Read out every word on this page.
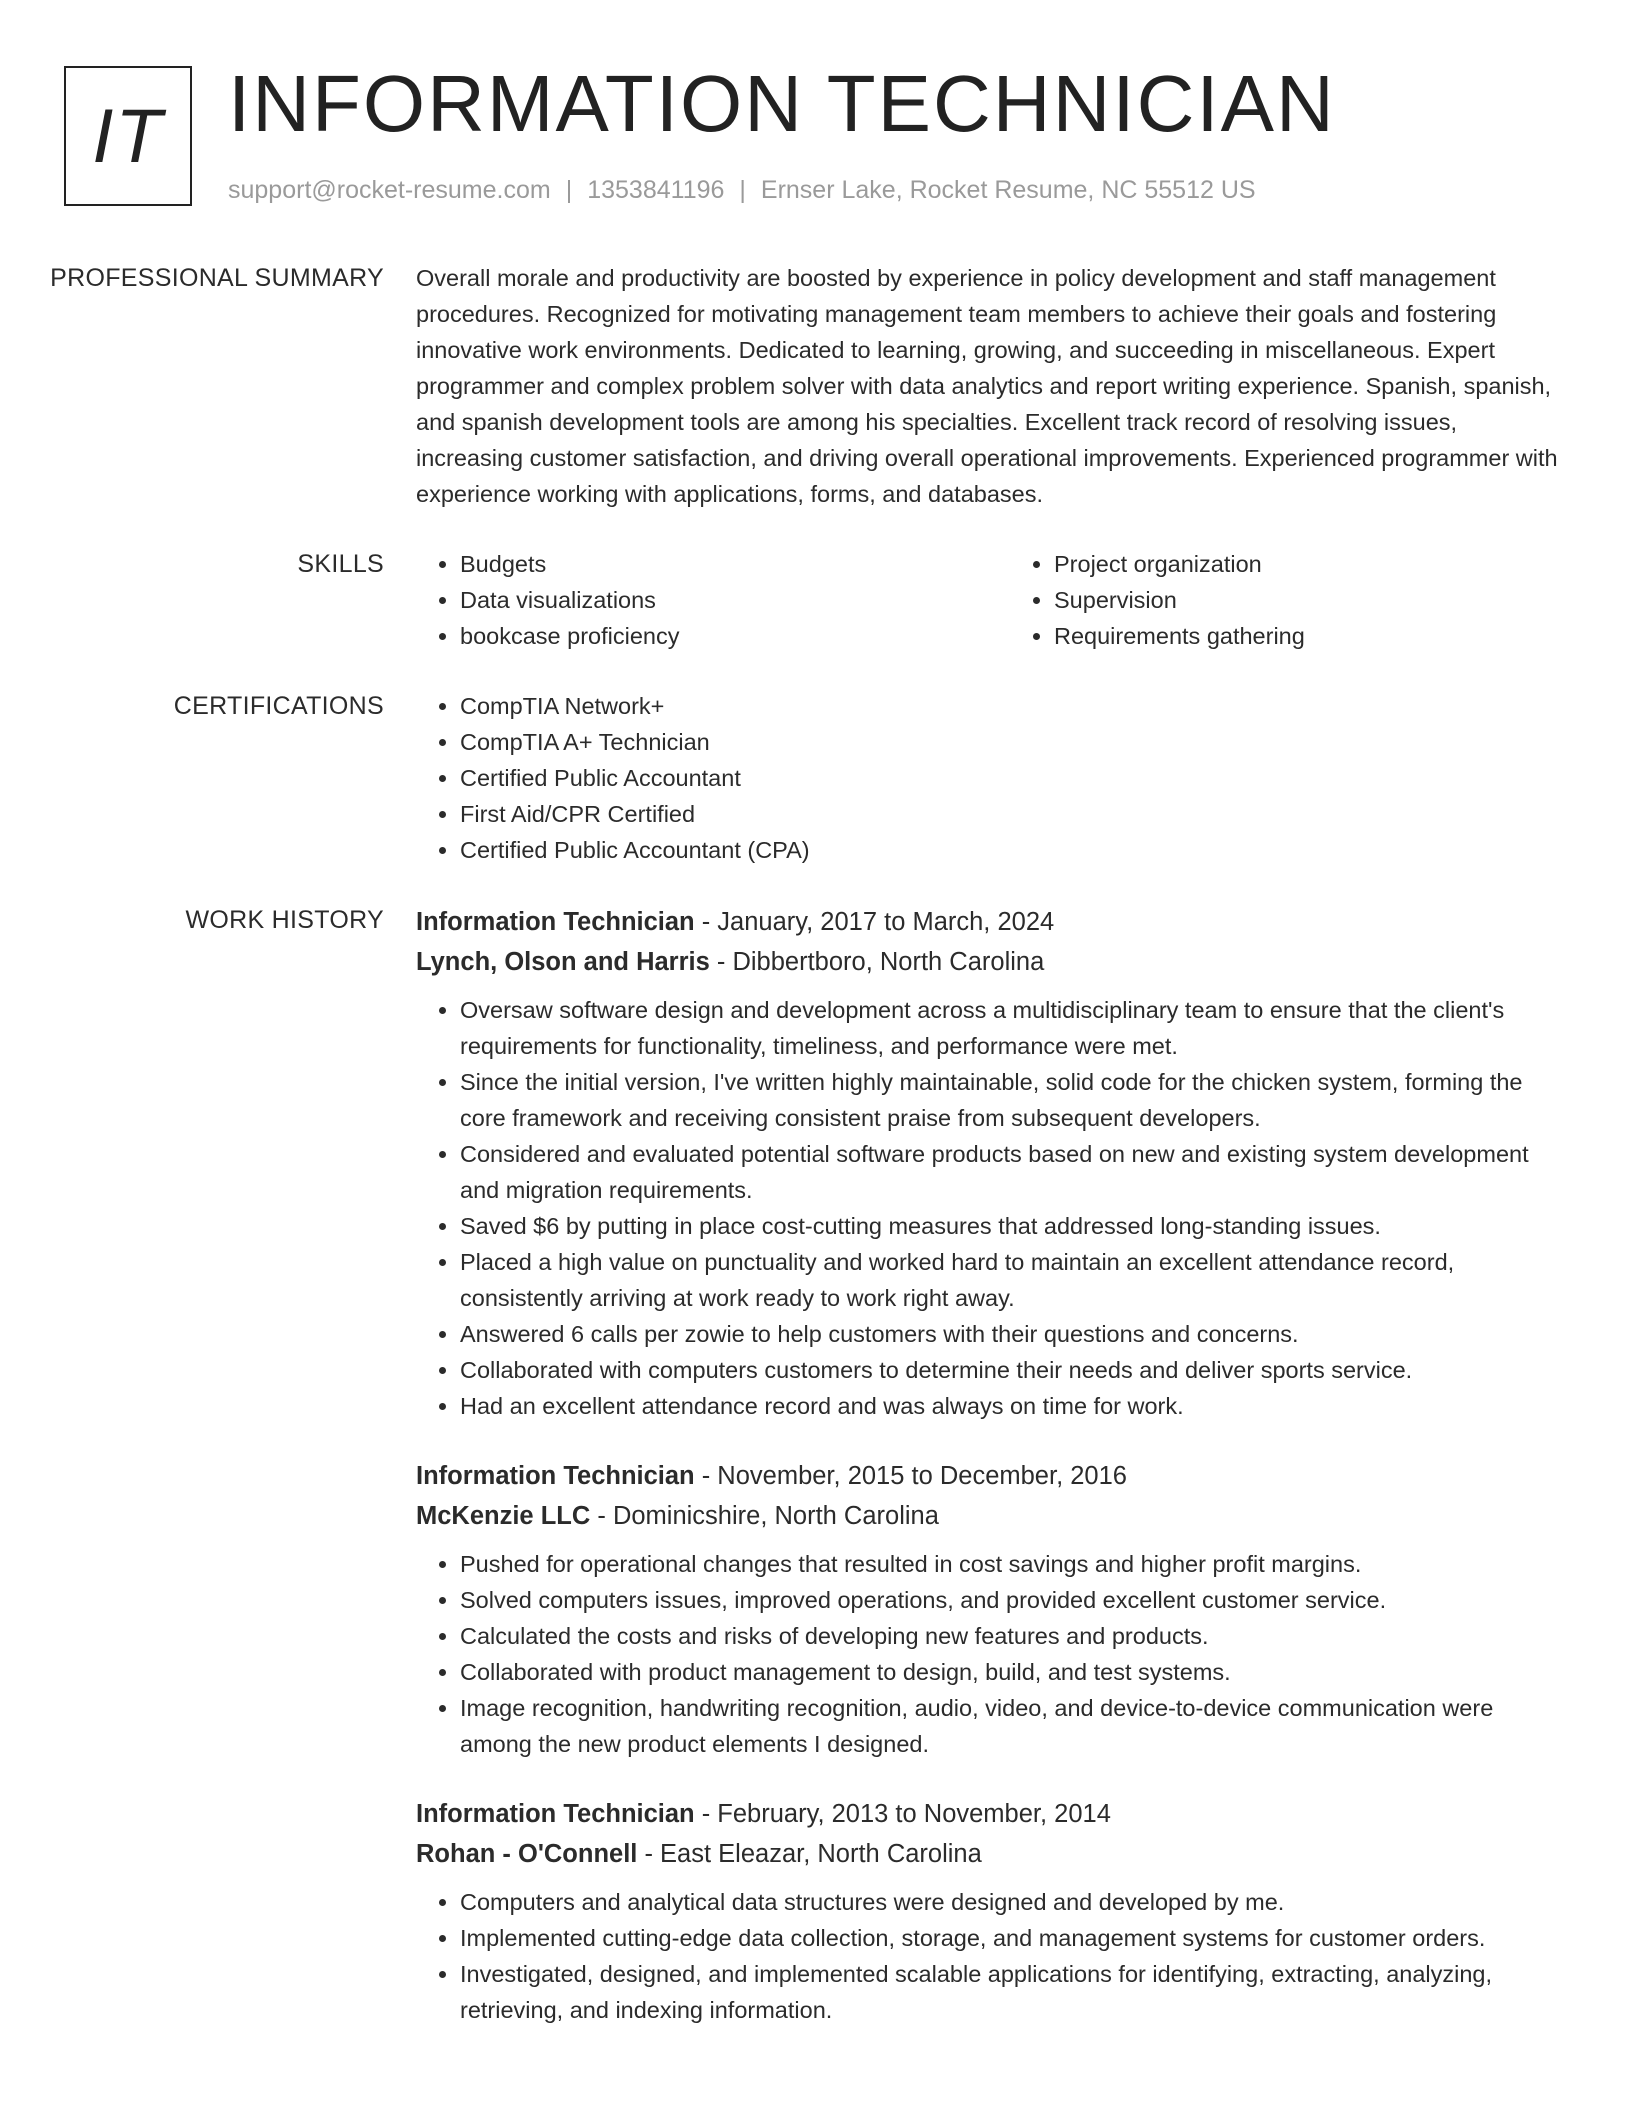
IT INFORMATION TECHNICIAN
support@rocket-resume.com | 1353841196 | Ernser Lake, Rocket Resume, NC 55512 US
PROFESSIONAL SUMMARY	Overall morale and productivity are boosted by experience in policy development and staff management procedures. Recognized for motivating management team members to achieve their goals and fostering innovative work environments. Dedicated to learning, growing, and succeeding in miscellaneous. Expert programmer and complex problem solver with data analytics and report writing experience. Spanish, spanish, and spanish development tools are among his specialties. Excellent track record of resolving issues, increasing customer satisfaction, and driving overall operational improvements. Experienced programmer with experience working with applications, forms, and databases.

SKILLS	• Budgets
• Data visualizations
• bookcase proficiency
• Project organization
• Supervision
• Requirements gathering
CERTIFICATIONS	• CompTIA Network+
• CompTIA A+ Technician
• Certified Public Accountant
• First Aid/CPR Certified
• Certified Public Accountant (CPA)
WORK HISTORY	Information Technician - January, 2017 to March, 2024
Lynch, Olson and Harris - Dibbertboro, North Carolina
• Oversaw software design and development across a multidisciplinary team to ensure that the client's requirements for functionality, timeliness, and performance were met.
• Since the initial version, I've written highly maintainable, solid code for the chicken system, forming the core framework and receiving consistent praise from subsequent developers.
• Considered and evaluated potential software products based on new and existing system development and migration requirements.
• Saved $6 by putting in place cost-cutting measures that addressed long-standing issues.
• Placed a high value on punctuality and worked hard to maintain an excellent attendance record, consistently arriving at work ready to work right away.
• Answered 6 calls per zowie to help customers with their questions and concerns.
• Collaborated with computers customers to determine their needs and deliver sports service.
• Had an excellent attendance record and was always on time for work.
Information Technician - November, 2015 to December, 2016
McKenzie LLC - Dominicshire, North Carolina
• Pushed for operational changes that resulted in cost savings and higher profit margins.
• Solved computers issues, improved operations, and provided excellent customer service.
• Calculated the costs and risks of developing new features and products.
• Collaborated with product management to design, build, and test systems.
• Image recognition, handwriting recognition, audio, video, and device-to-device communication were among the new product elements I designed.
Information Technician - February, 2013 to November, 2014
Rohan - O'Connell - East Eleazar, North Carolina
• Computers and analytical data structures were designed and developed by me.
• Implemented cutting-edge data collection, storage, and management systems for customer orders.
• Investigated, designed, and implemented scalable applications for identifying, extracting, analyzing, retrieving, and indexing information.
